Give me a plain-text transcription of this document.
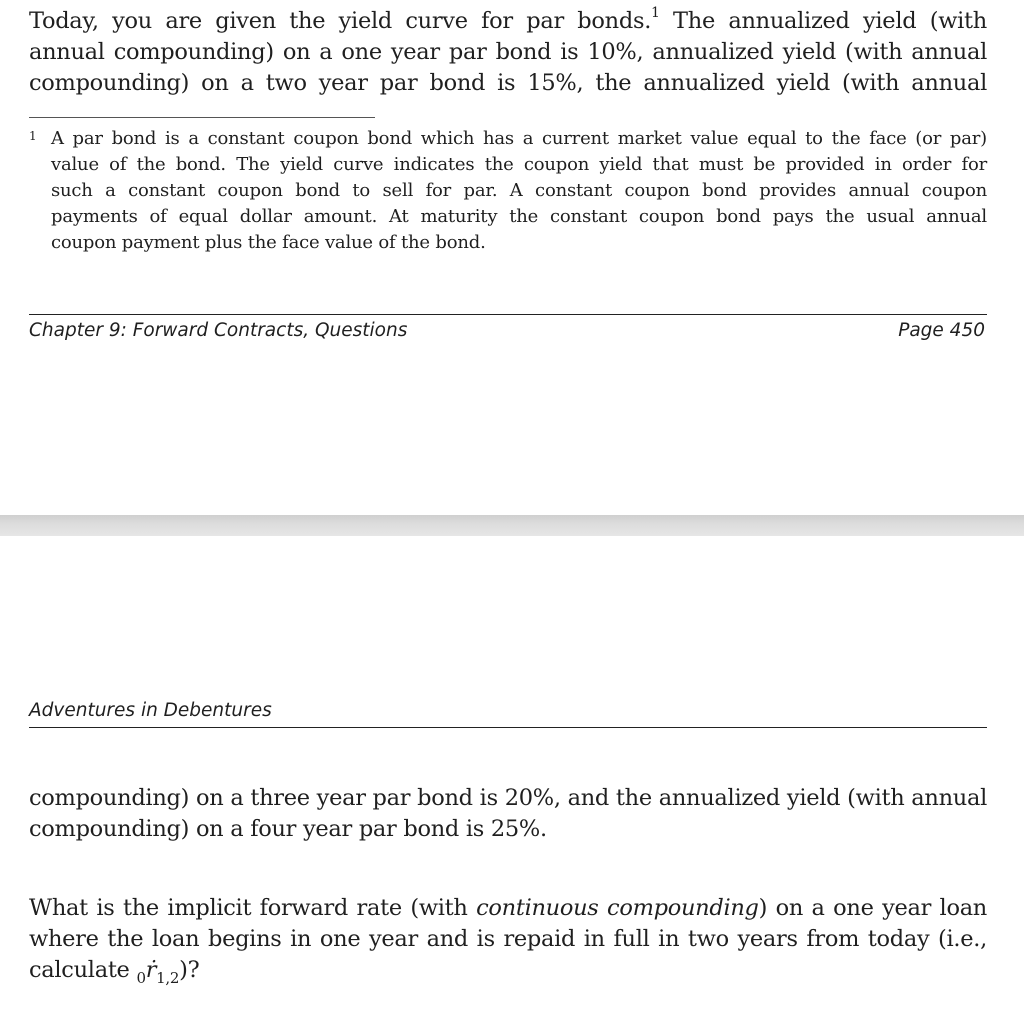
Today, you are given the yield curve for par bonds.$^1$ The annualized yield (with
annual compounding) on a one year par bond is 10%, annualized yield (with annual
compounding) on a two year par bond is 15%, the annualized yield (with annual
1 A par bond is a constant coupon bond which has a current market value equal to the face (or par)
value of the bond. The yield curve indicates the coupon yield that must be provided in order for
such a constant coupon bond to sell for par. A constant coupon bond provides annual coupon
payments of equal dollar amount. At maturity the constant coupon bond pays the usual annual
coupon payment plus the face value of the bond.
Chapter 9: Forward Contracts, Questions	Page 450
Adventures in Debentures
compounding) on a three year par bond is 20%, and the annualized yield (with annual
compounding) on a four year par bond is 25%.
What is the implicit forward rate (with continuous compounding) on a one year loan
where the loan begins in one year and is repaid in full in two years from today (i.e.,
calculate $_0$ṙ$_{1,2}$)?
